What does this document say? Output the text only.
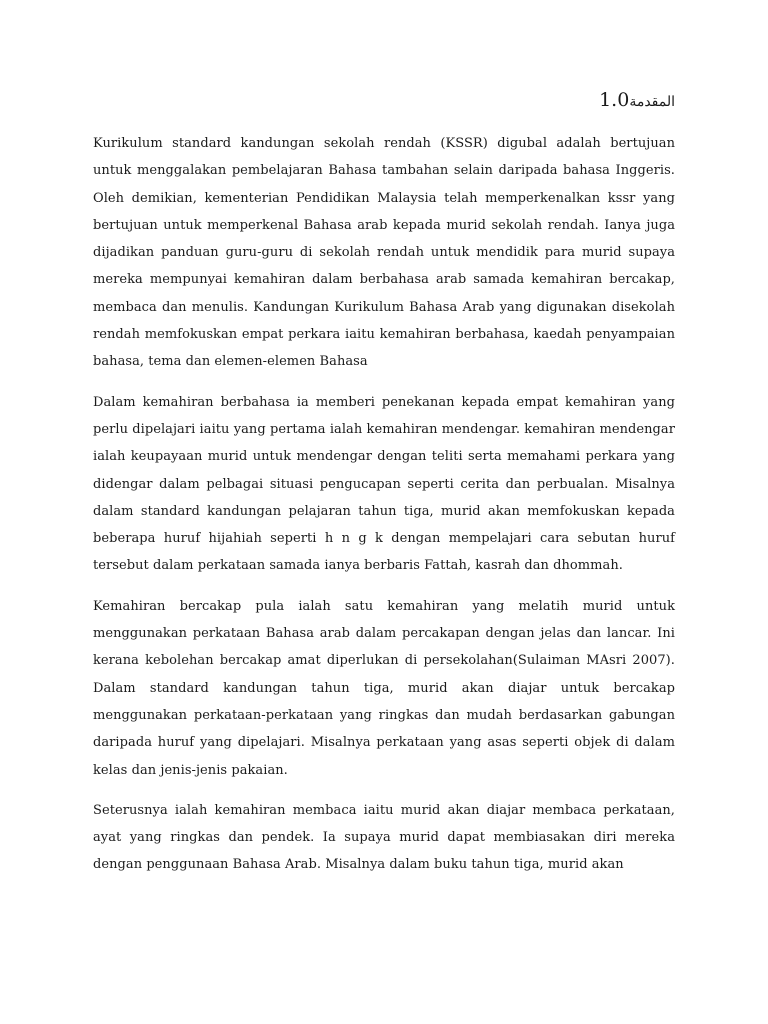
المقدمة1.0

Kurikulum standard kandungan sekolah rendah (KSSR) digubal adalah bertujuan untuk menggalakan pembelajaran Bahasa tambahan selain daripada bahasa Inggeris. Oleh demikian, kementerian Pendidikan Malaysia telah memperkenalkan kssr yang bertujuan untuk memperkenal Bahasa arab kepada murid sekolah rendah. Ianya juga dijadikan panduan guru-guru di sekolah rendah untuk mendidik para murid supaya mereka mempunyai kemahiran dalam berbahasa arab samada kemahiran bercakap, membaca dan menulis. Kandungan Kurikulum Bahasa Arab yang digunakan disekolah rendah memfokuskan empat perkara iaitu kemahiran berbahasa, kaedah penyampaian bahasa, tema dan elemen-elemen Bahasa

Dalam kemahiran berbahasa ia memberi penekanan kepada empat kemahiran yang perlu dipelajari iaitu yang pertama ialah kemahiran mendengar. kemahiran mendengar ialah keupayaan murid untuk mendengar dengan teliti serta memahami perkara yang didengar dalam pelbagai situasi pengucapan seperti cerita dan perbualan. Misalnya dalam standard kandungan pelajaran tahun tiga, murid akan memfokuskan kepada beberapa huruf hijahiah seperti h n g k dengan mempelajari cara sebutan huruf tersebut dalam perkataan samada ianya berbaris Fattah, kasrah dan dhommah.

Kemahiran bercakap pula ialah satu kemahiran yang melatih murid untuk menggunakan perkataan Bahasa arab dalam percakapan dengan jelas dan lancar. Ini kerana kebolehan bercakap amat diperlukan di persekolahan(Sulaiman MAsri 2007). Dalam standard kandungan tahun tiga, murid akan diajar untuk bercakap menggunakan perkataan-perkataan yang ringkas dan mudah berdasarkan gabungan daripada huruf yang dipelajari. Misalnya perkataan yang asas seperti objek di dalam kelas dan jenis-jenis pakaian.

Seterusnya ialah kemahiran membaca iaitu murid akan diajar membaca perkataan, ayat yang ringkas dan pendek. Ia supaya murid dapat membiasakan diri mereka dengan penggunaan Bahasa Arab. Misalnya dalam buku tahun tiga, murid akan
